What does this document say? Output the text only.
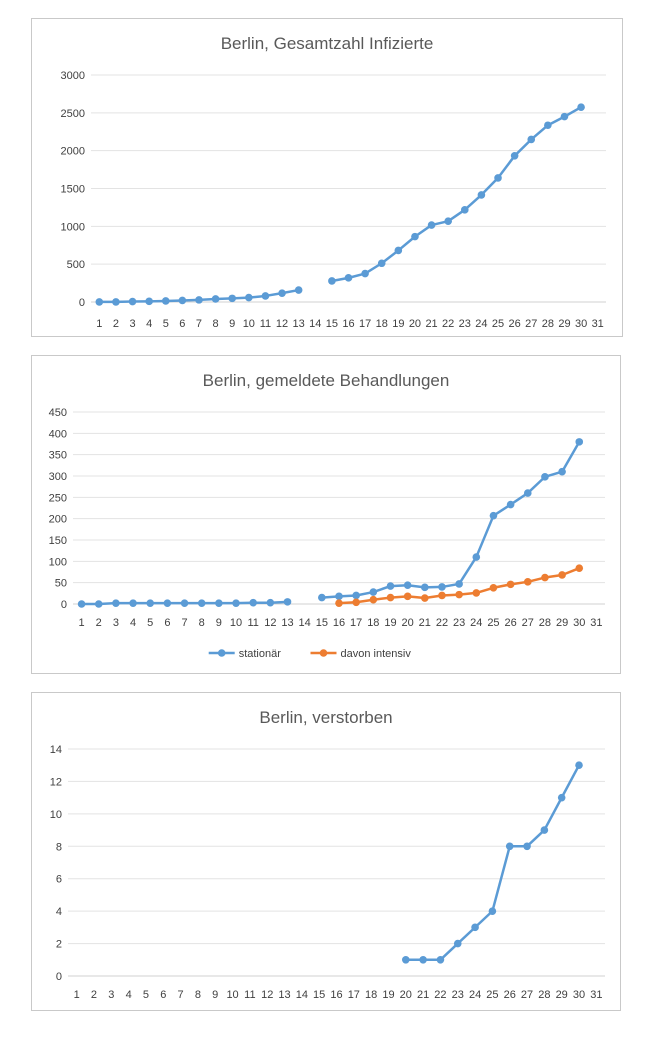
Berlin, Gesamtzahl Infizierte
0
500
1000
1500
2000
2500
3000
1 2 3 4 5 6 7 8 9 10 11 12 13 14 15 16 17 18 19 20 21 22 23 24 25 26 27 28 29 30 31
Berlin, gemeldete Behandlungen
0
50
100
150
200
250
300
350
400
450
1 2 3 4 5 6 7 8 9 10 11 12 13 14 15 16 17 18 19 20 21 22 23 24 25 26 27 28 29 30 31
stationär	davon intensiv
Berlin, verstorben
0
2
4
6
8
10
12
14
1 2 3 4 5 6 7 8 9 10 11 12 13 14 15 16 17 18 19 20 21 22 23 24 25 26 27 28 29 30 31
